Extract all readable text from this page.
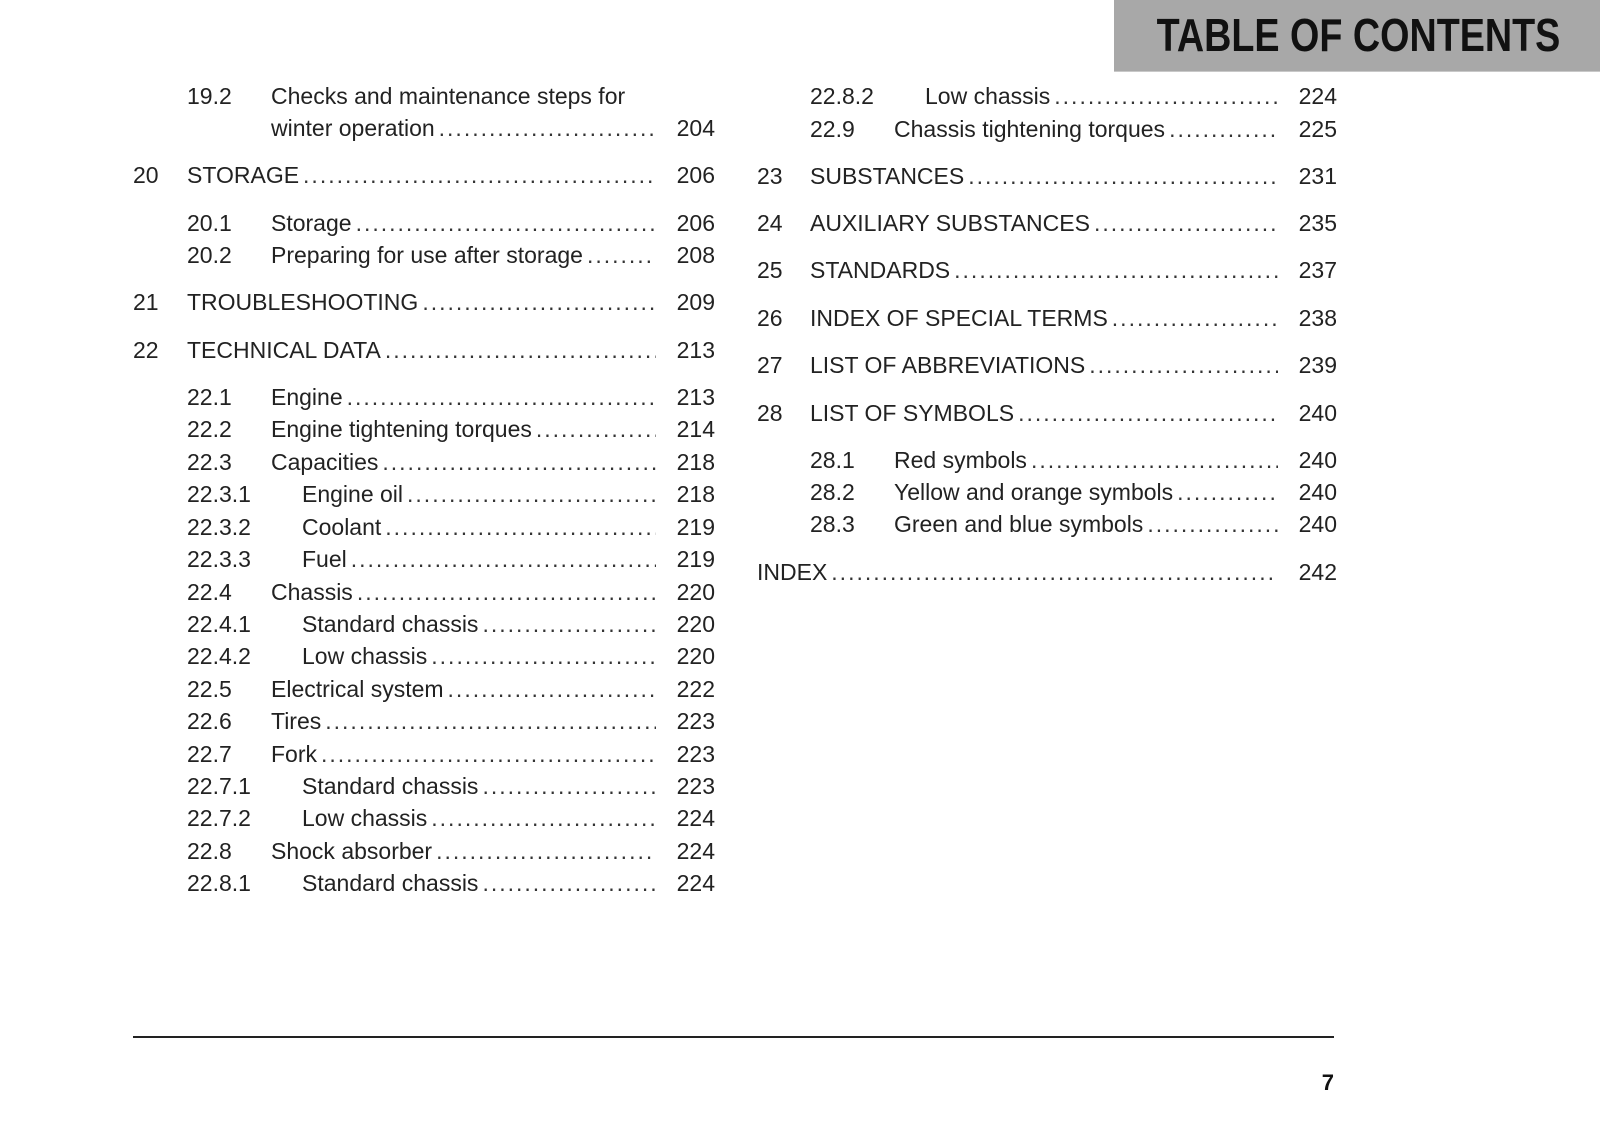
TABLE OF CONTENTS
19.2 Checks and maintenance steps for
winter operation .....	204
20 STORAGE .....	206
20.1 Storage .....	206
20.2 Preparing for use after storage .....	208
21 TROUBLESHOOTING .....	209
22 TECHNICAL DATA .....	213
22.1 Engine .....	213
22.2 Engine tightening torques .....	214
22.3 Capacities .....	218
22.3.1 Engine oil .....	218
22.3.2 Coolant .....	219
22.3.3 Fuel .....	219
22.4 Chassis .....	220
22.4.1 Standard chassis .....	220
22.4.2 Low chassis .....	220
22.5 Electrical system .....	222
22.6 Tires .....	223
22.7 Fork .....	223
22.7.1 Standard chassis .....	223
22.7.2 Low chassis .....	224
22.8 Shock absorber .....	224
22.8.1 Standard chassis .....	224
22.8.2 Low chassis .....	224
22.9 Chassis tightening torques .....	225
23 SUBSTANCES .....	231
24 AUXILIARY SUBSTANCES .....	235
25 STANDARDS .....	237
26 INDEX OF SPECIAL TERMS .....	238
27 LIST OF ABBREVIATIONS .....	239
28 LIST OF SYMBOLS .....	240
28.1 Red symbols .....	240
28.2 Yellow and orange symbols .....	240
28.3 Green and blue symbols .....	240
INDEX .....	242
7
